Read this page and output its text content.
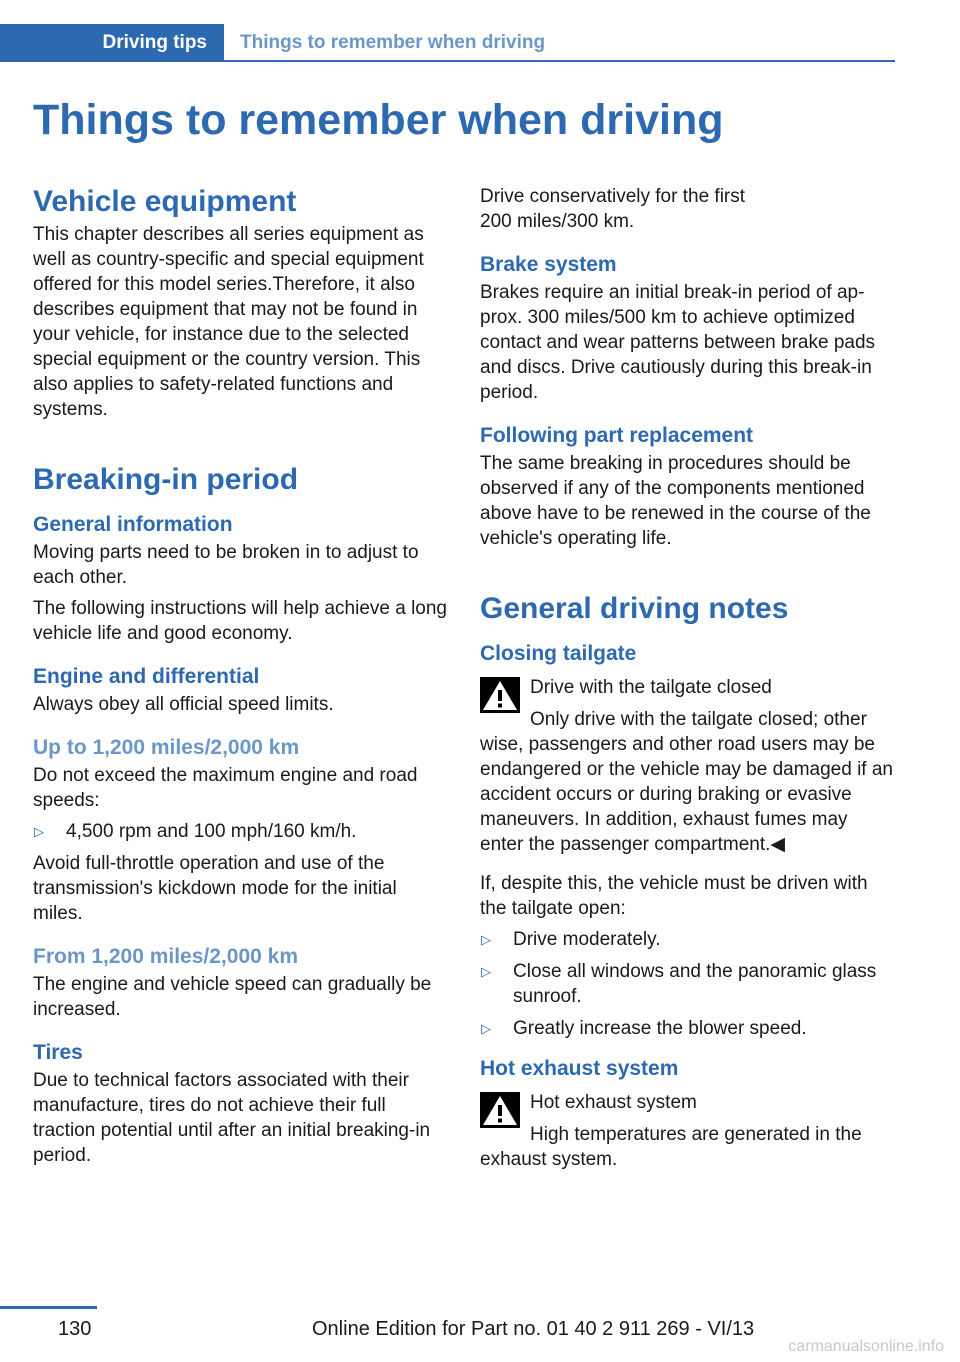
Driving tips	Things to remember when driving
Things to remember when driving
Vehicle equipment

This chapter describes all series equipment as well as country-specific and special equipment offered for this model series.Therefore, it also describes equipment that may not be found in your vehicle, for instance due to the selected special equipment or the country version. This also applies to safety-related functions and systems.

Breaking-in period
General information

Moving parts need to be broken in to adjust to each other.

The following instructions will help achieve a long vehicle life and good economy.

Engine and differential

Always obey all official speed limits.

Up to 1,200 miles/2,000 km

Do not exceed the maximum engine and road speeds:

▷ 4,500 rpm and 100 mph/160 km/h.

Avoid full-throttle operation and use of the transmission's kickdown mode for the initial miles.

From 1,200 miles/2,000 km

The engine and vehicle speed can gradually be increased.

Tires

Due to technical factors associated with their manufacture, tires do not achieve their full traction potential until after an initial breaking-in period.

Drive conservatively for the first 200 miles/300 km.

Brake system

Brakes require an initial break-in period of approx. 300 miles/500 km to achieve optimized contact and wear patterns between brake pads and discs. Drive cautiously during this break-in period.

Following part replacement

The same breaking in procedures should be observed if any of the components mentioned above have to be renewed in the course of the vehicle's operating life.

General driving notes
Closing tailgate
Drive with the tailgate closed
Only drive with the tailgate closed; other
wise, passengers and other road users may be endangered or the vehicle may be damaged if an accident occurs or during braking or evasive maneuvers. In addition, exhaust fumes may enter the passenger compartment.◀

If, despite this, the vehicle must be driven with the tailgate open:

▷ Drive moderately.
▷ Close all windows and the panoramic glass sunroof.
▷ Greatly increase the blower speed.
Hot exhaust system
Hot exhaust system
High temperatures are generated in the
exhaust system.
130	Online Edition for Part no. 01 40 2 911 269 - VI/13
carmanualsonline.info
